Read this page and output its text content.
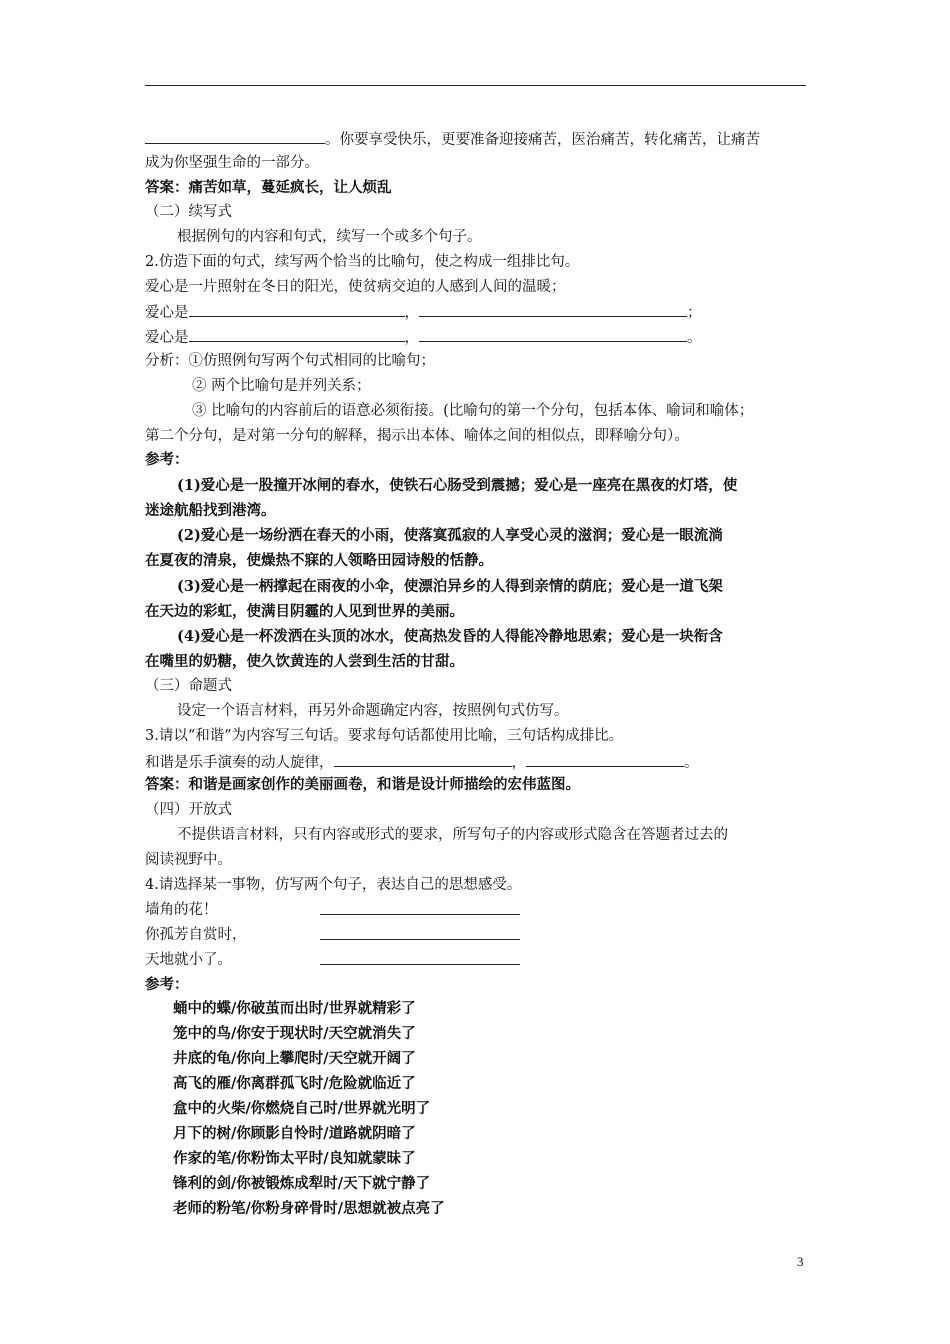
。你要享受快乐，更要准备迎接痛苦，医治痛苦，转化痛苦，让痛苦
成为你坚强生命的一部分。
答案：痛苦如草，蔓延疯长，让人烦乱
（二）续写式
根据例句的内容和句式，续写一个或多个句子。
2.仿造下面的句式，续写两个恰当的比喻句，使之构成一组排比句。
爱心是一片照射在冬日的阳光，使贫病交迫的人感到人间的温暖；
爱心是	，	；
爱心是	，	。
分析：①仿照例句写两个句式相同的比喻句；
② 两个比喻句是并列关系；
③ 比喻句的内容前后的语意必须衔接。(比喻句的第一个分句，包括本体、喻词和喻体；
第二个分句，是对第一分句的解释，揭示出本体、喻体之间的相似点，即释喻分句）。
参考：
(1)爱心是一股撞开冰闸的春水，使铁石心肠受到震撼；爱心是一座亮在黑夜的灯塔，使
迷途航船找到港湾。
(2)爱心是一场纷洒在春天的小雨，使落寞孤寂的人享受心灵的滋润；爱心是一眼流淌
在夏夜的清泉，使燥热不寐的人领略田园诗般的恬静。
(3)爱心是一柄撑起在雨夜的小伞，使漂泊异乡的人得到亲情的荫庇；爱心是一道飞架
在天边的彩虹，使满目阴霾的人见到世界的美丽。
(4)爱心是一杯泼洒在头顶的冰水，使高热发昏的人得能冷静地思索；爱心是一块衔含
在嘴里的奶糖，使久饮黄连的人尝到生活的甘甜。
（三）命题式
设定一个语言材料，再另外命题确定内容，按照例句式仿写。
3.请以“和谐”为内容写三句话。要求每句话都使用比喻，三句话构成排比。
和谐是乐手演奏的动人旋律，	，	。
答案：和谐是画家创作的美丽画卷，和谐是设计师描绘的宏伟蓝图。
（四）开放式
不提供语言材料，只有内容或形式的要求，所写句子的内容或形式隐含在答题者过去的
阅读视野中。
4.请选择某一事物，仿写两个句子，表达自己的思想感受。
墙角的花！
你孤芳自赏时，
天地就小了。
参考：
蛹中的蝶/你破茧而出时/世界就精彩了
笼中的鸟/你安于现状时/天空就消失了
井底的龟/你向上攀爬时/天空就开阔了
高飞的雁/你离群孤飞时/危险就临近了
盒中的火柴/你燃烧自己时/世界就光明了
月下的树/你顾影自怜时/道路就阴暗了
作家的笔/你粉饰太平时/良知就蒙昧了
锋利的剑/你被锻炼成犁时/天下就宁静了
老师的粉笔/你粉身碎骨时/思想就被点亮了
3
